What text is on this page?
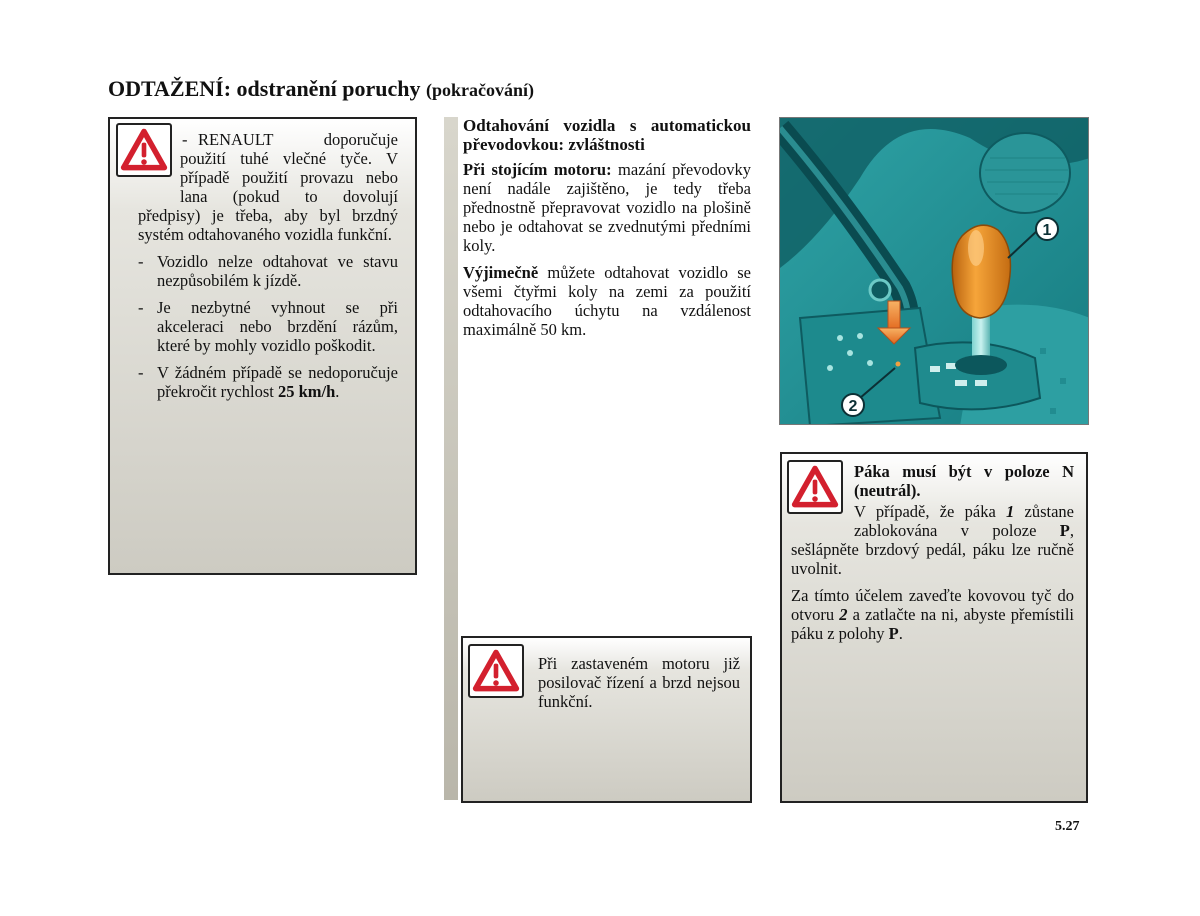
ODTAŽENÍ: odstranění poruchy (pokračování)
- RENAULT doporučuje použití tuhé vlečné tyče. V případě použití provazu nebo lana (pokud to dovolují předpisy) je třeba, aby byl brzdný systém odtahovaného vozidla funkční.
- Vozidlo nelze odtahovat ve stavu nezpůsobilém k jízdě.
- Je nezbytné vyhnout se při akceleraci nebo brzdění rázům, které by mohly vozidlo poškodit.
- V žádném případě se nedoporučuje překročit rychlost 25 km/h.
Odtahování vozidla s automatickou převodovkou: zvláštnosti
Při stojícím motoru: mazání převodovky není nadále zajištěno, je tedy třeba přednostně přepravovat vozidlo na plošině nebo je odtahovat se zvednutými předními koly.
Výjimečně můžete odtahovat vozidlo se všemi čtyřmi koly na zemi za použití odtahovacího úchytu na vzdálenost maximálně 50 km.
Při zastaveném motoru již posilovač řízení a brzd nejsou funkční.
1
2
Páka musí být v poloze N (neutrál).
V případě, že páka 1 zůstane zablokována v poloze P, sešlápněte brzdový pedál, páku lze ručně uvolnit.
Za tímto účelem zaveďte kovovou tyč do otvoru 2 a zatlačte na ni, abyste přemístili páku z polohy P.
5.27
